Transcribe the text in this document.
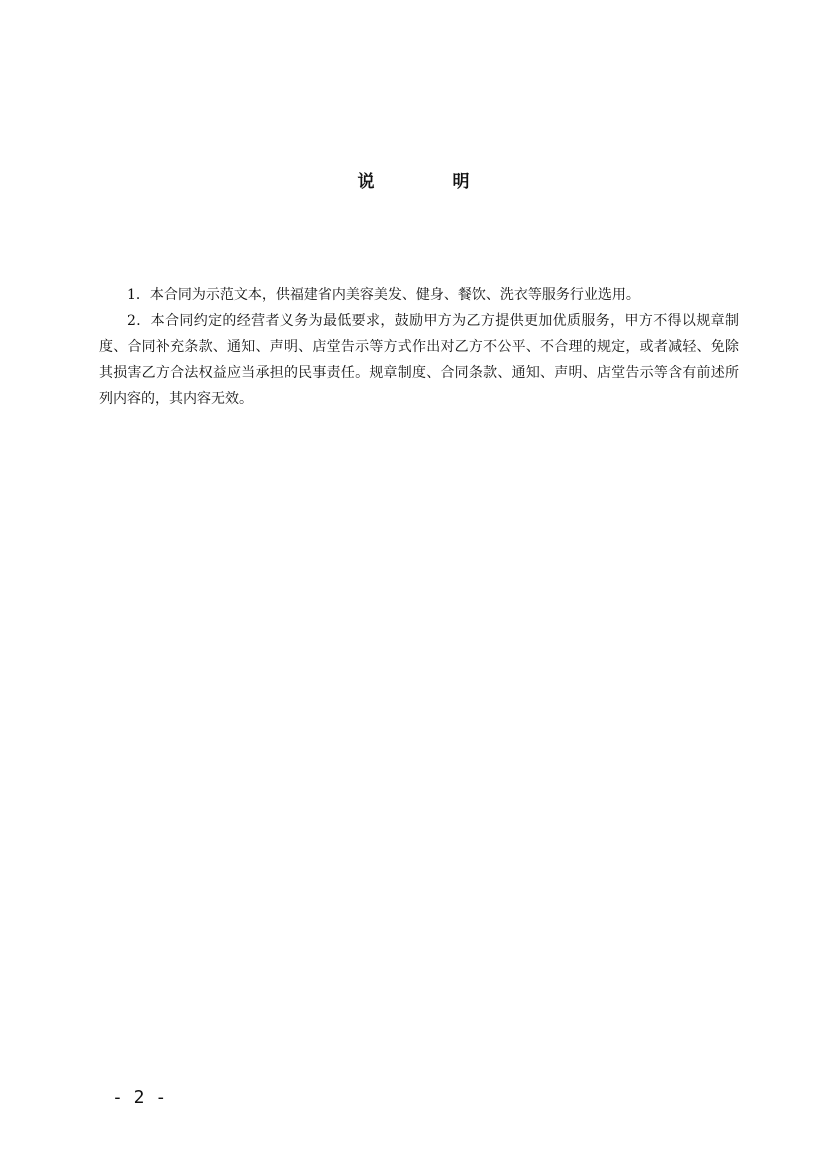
说 明

1．本合同为示范文本，供福建省内美容美发、健身、餐饮、洗衣等服务行业选用。

2．本合同约定的经营者义务为最低要求，鼓励甲方为乙方提供更加优质服务，甲方不得以规章制度、合同补充条款、通知、声明、店堂告示等方式作出对乙方不公平、不合理的规定，或者减轻、免除其损害乙方合法权益应当承担的民事责任。规章制度、合同条款、通知、声明、店堂告示等含有前述所列内容的，其内容无效。

- 2 -
